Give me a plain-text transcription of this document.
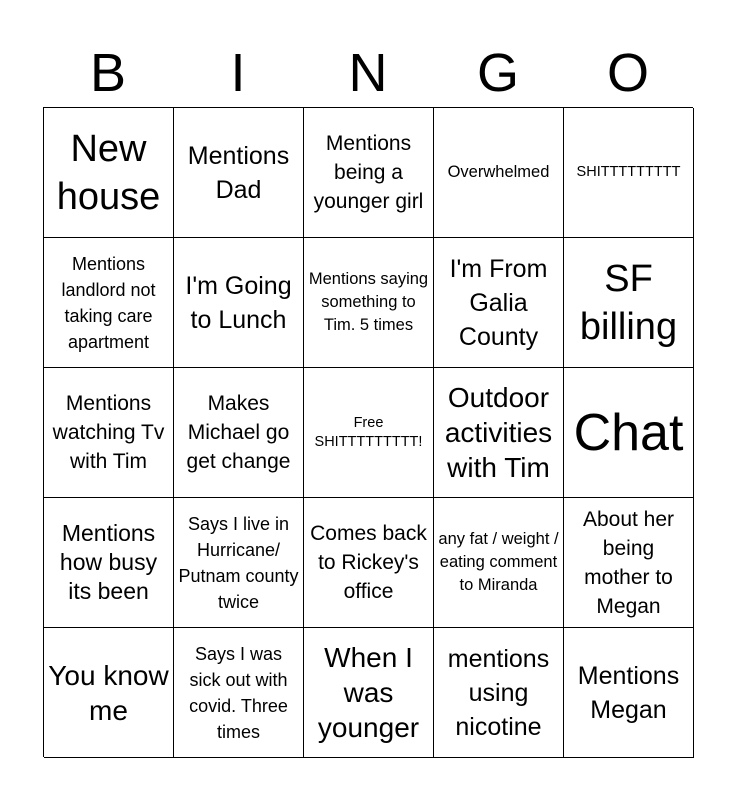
B	I	N	G	O
New house
Mentions Dad
Mentions being a younger girl
Overwhelmed SHITTTTTTTTT
Mentions landlord not taking care apartment
I'm Going to Lunch
Mentions saying something to Tim. 5 times
I'm From Galia County
SF billing
Mentions watching Tv with Tim
Makes Michael go get change
Free SHITTTTTTTTT!
Outdoor activities with Tim
Chat
Mentions how busy its been
Says I live in Hurricane/ Putnam county twice
Comes back to Rickey's office
any fat / weight / eating comment to Miranda
About her being mother to Megan
You know me
Says I was sick out with covid. Three times
When I was younger
mentions using nicotine
Mentions Megan
